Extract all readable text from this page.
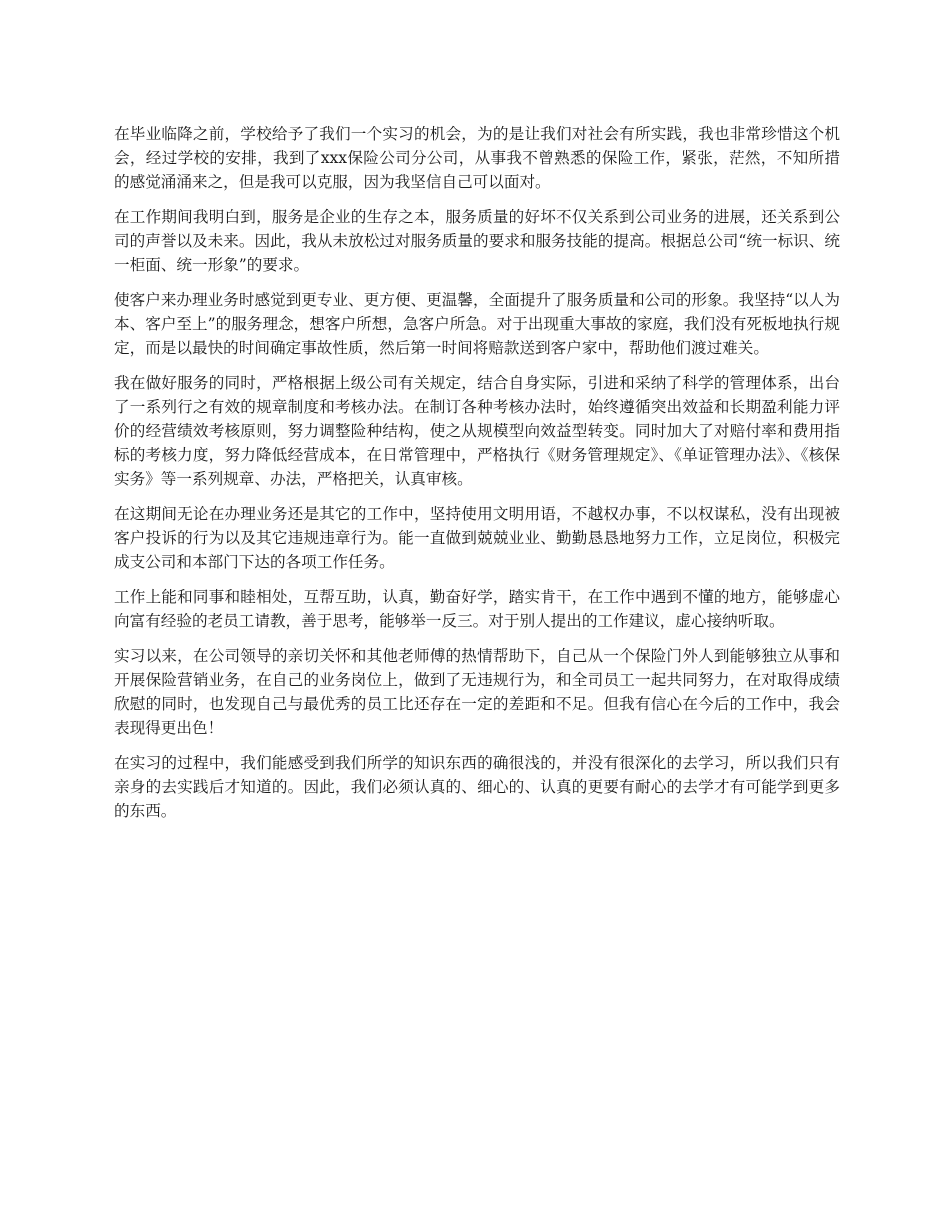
在毕业临降之前，学校给予了我们一个实习的机会，为的是让我们对社会有所实践，我也非常珍惜这个机会，经过学校的安排，我到了xxx保险公司分公司，从事我不曾熟悉的保险工作，紧张，茫然，不知所措的感觉涌涌来之，但是我可以克服，因为我坚信自己可以面对。

在工作期间我明白到，服务是企业的生存之本，服务质量的好坏不仅关系到公司业务的进展，还关系到公司的声誉以及未来。因此，我从未放松过对服务质量的要求和服务技能的提高。根据总公司“统一标识、统一柜面、统一形象”的要求。

使客户来办理业务时感觉到更专业、更方便、更温馨，全面提升了服务质量和公司的形象。我坚持“以人为本、客户至上”的服务理念，想客户所想，急客户所急。对于出现重大事故的家庭，我们没有死板地执行规定，而是以最快的时间确定事故性质，然后第一时间将赔款送到客户家中，帮助他们渡过难关。

我在做好服务的同时，严格根据上级公司有关规定，结合自身实际，引进和采纳了科学的管理体系，出台了一系列行之有效的规章制度和考核办法。在制订各种考核办法时，始终遵循突出效益和长期盈利能力评价的经营绩效考核原则，努力调整险种结构，使之从规模型向效益型转变。同时加大了对赔付率和费用指标的考核力度，努力降低经营成本，在日常管理中，严格执行《财务管理规定》、《单证管理办法》、《核保实务》等一系列规章、办法，严格把关，认真审核。

在这期间无论在办理业务还是其它的工作中，坚持使用文明用语，不越权办事，不以权谋私，没有出现被客户投诉的行为以及其它违规违章行为。能一直做到兢兢业业、勤勤恳恳地努力工作，立足岗位，积极完成支公司和本部门下达的各项工作任务。

工作上能和同事和睦相处，互帮互助，认真，勤奋好学，踏实肯干，在工作中遇到不懂的地方，能够虚心向富有经验的老员工请教，善于思考，能够举一反三。对于别人提出的工作建议，虚心接纳听取。

实习以来，在公司领导的亲切关怀和其他老师傅的热情帮助下，自己从一个保险门外人到能够独立从事和开展保险营销业务，在自己的业务岗位上，做到了无违规行为，和全司员工一起共同努力，在对取得成绩欣慰的同时，也发现自己与最优秀的员工比还存在一定的差距和不足。但我有信心在今后的工作中，我会表现得更出色！

在实习的过程中，我们能感受到我们所学的知识东西的确很浅的，并没有很深化的去学习，所以我们只有亲身的去实践后才知道的。因此，我们必须认真的、细心的、认真的更要有耐心的去学才有可能学到更多的东西。
